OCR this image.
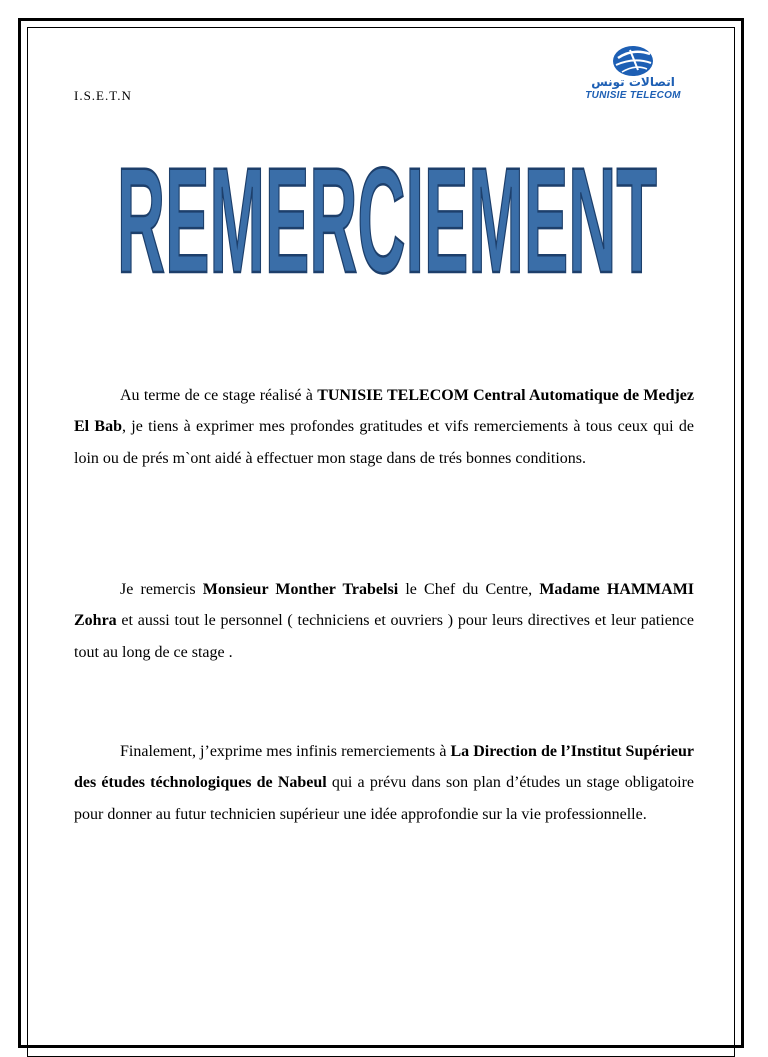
I.S.E.T.N
اتصالات تونس
TUNISIE TELECOM
REMERCIEMENT
Au terme de ce stage réalisé à TUNISIE TELECOM Central Automatique de Medjez El Bab, je tiens à exprimer mes profondes gratitudes et vifs remerciements à tous ceux qui de loin ou de prés m`ont aidé à effectuer mon stage dans de trés bonnes conditions.
Je remercis Monsieur Monther Trabelsi le Chef du Centre, Madame HAMMAMI Zohra et aussi tout le personnel ( techniciens et ouvriers ) pour leurs directives et leur patience tout au long de ce stage .
Finalement, j’exprime mes infinis remerciements à La Direction de l’Institut Supérieur des études téchnologiques de Nabeul qui a prévu dans son plan d’études un stage obligatoire pour donner au futur technicien supérieur une idée approfondie sur la vie professionnelle.
